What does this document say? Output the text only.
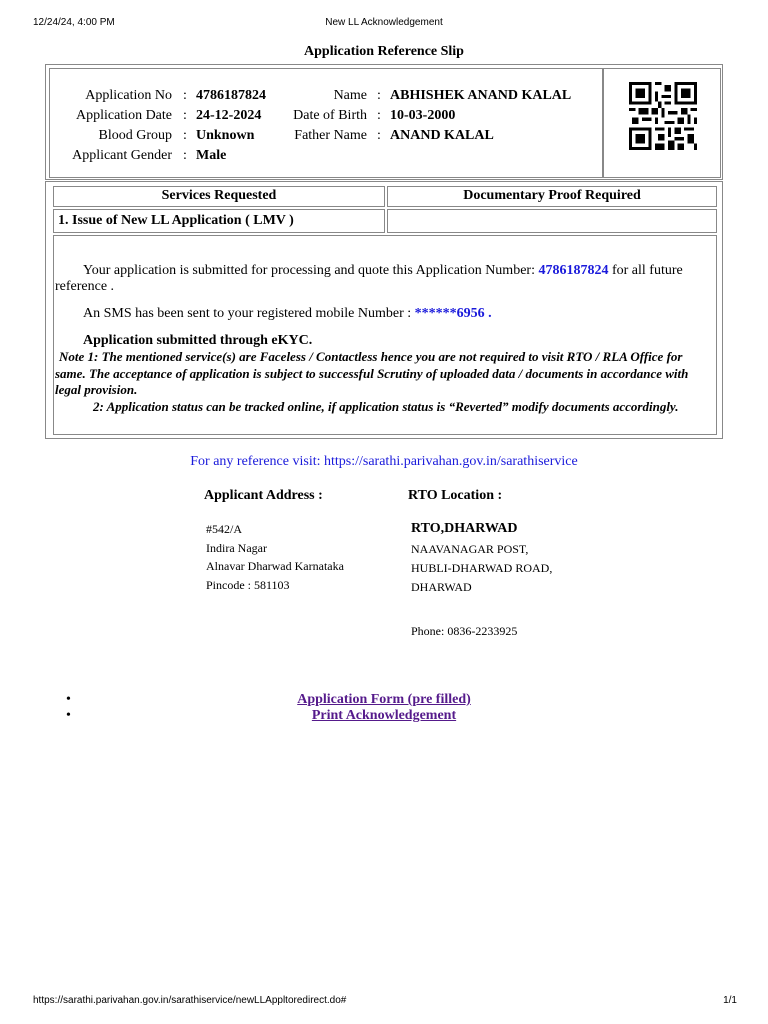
12/24/24, 4:00 PM	New LL Acknowledgement
Application Reference Slip
Application No : 4786187824	Name : ABHISHEK ANAND KALAL
Application Date : 24-12-2024	Date of Birth : 10-03-2000
Blood Group : Unknown	Father Name : ANAND KALAL
Applicant Gender : Male
Services Requested	Documentary Proof Required
1. Issue of New LL Application ( LMV )
Your application is submitted for processing and quote this Application Number: 4786187824 for all future reference .
An SMS has been sent to your registered mobile Number : ******6956 .
Application submitted through eKYC.
Note 1: The mentioned service(s) are Faceless / Contactless hence you are not required to visit RTO / RLA Office for same. The acceptance of application is subject to successful Scrutiny of uploaded data / documents in accordance with legal provision.
2: Application status can be tracked online, if application status is “Reverted” modify documents accordingly.
For any reference visit: https://sarathi.parivahan.gov.in/sarathiservice
Applicant Address :	RTO Location :
#542/A
Indira Nagar
Alnavar Dharwad Karnataka
Pincode : 581103
RTO,DHARWAD
NAAVANAGAR POST,
HUBLI-DHARWAD ROAD,
DHARWAD
Phone: 0836-2233925
•	Application Form (pre filled)
•	Print Acknowledgement
https://sarathi.parivahan.gov.in/sarathiservice/newLLAppltoredirect.do#	1/1
